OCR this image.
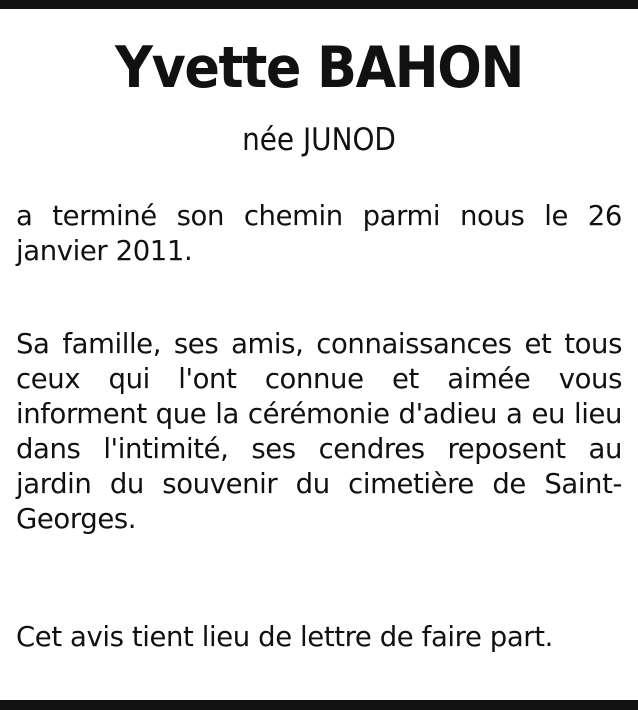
Yvette BAHON

née JUNOD

a terminé son chemin parmi nous le 26 janvier 2011.

Sa famille, ses amis, connaissances et tous ceux qui l'ont connue et aimée vous informent que la cérémonie d'adieu a eu lieu dans l'intimité, ses cendres reposent au jardin du souvenir du cimetière de Saint-Georges.

Cet avis tient lieu de lettre de faire part.
